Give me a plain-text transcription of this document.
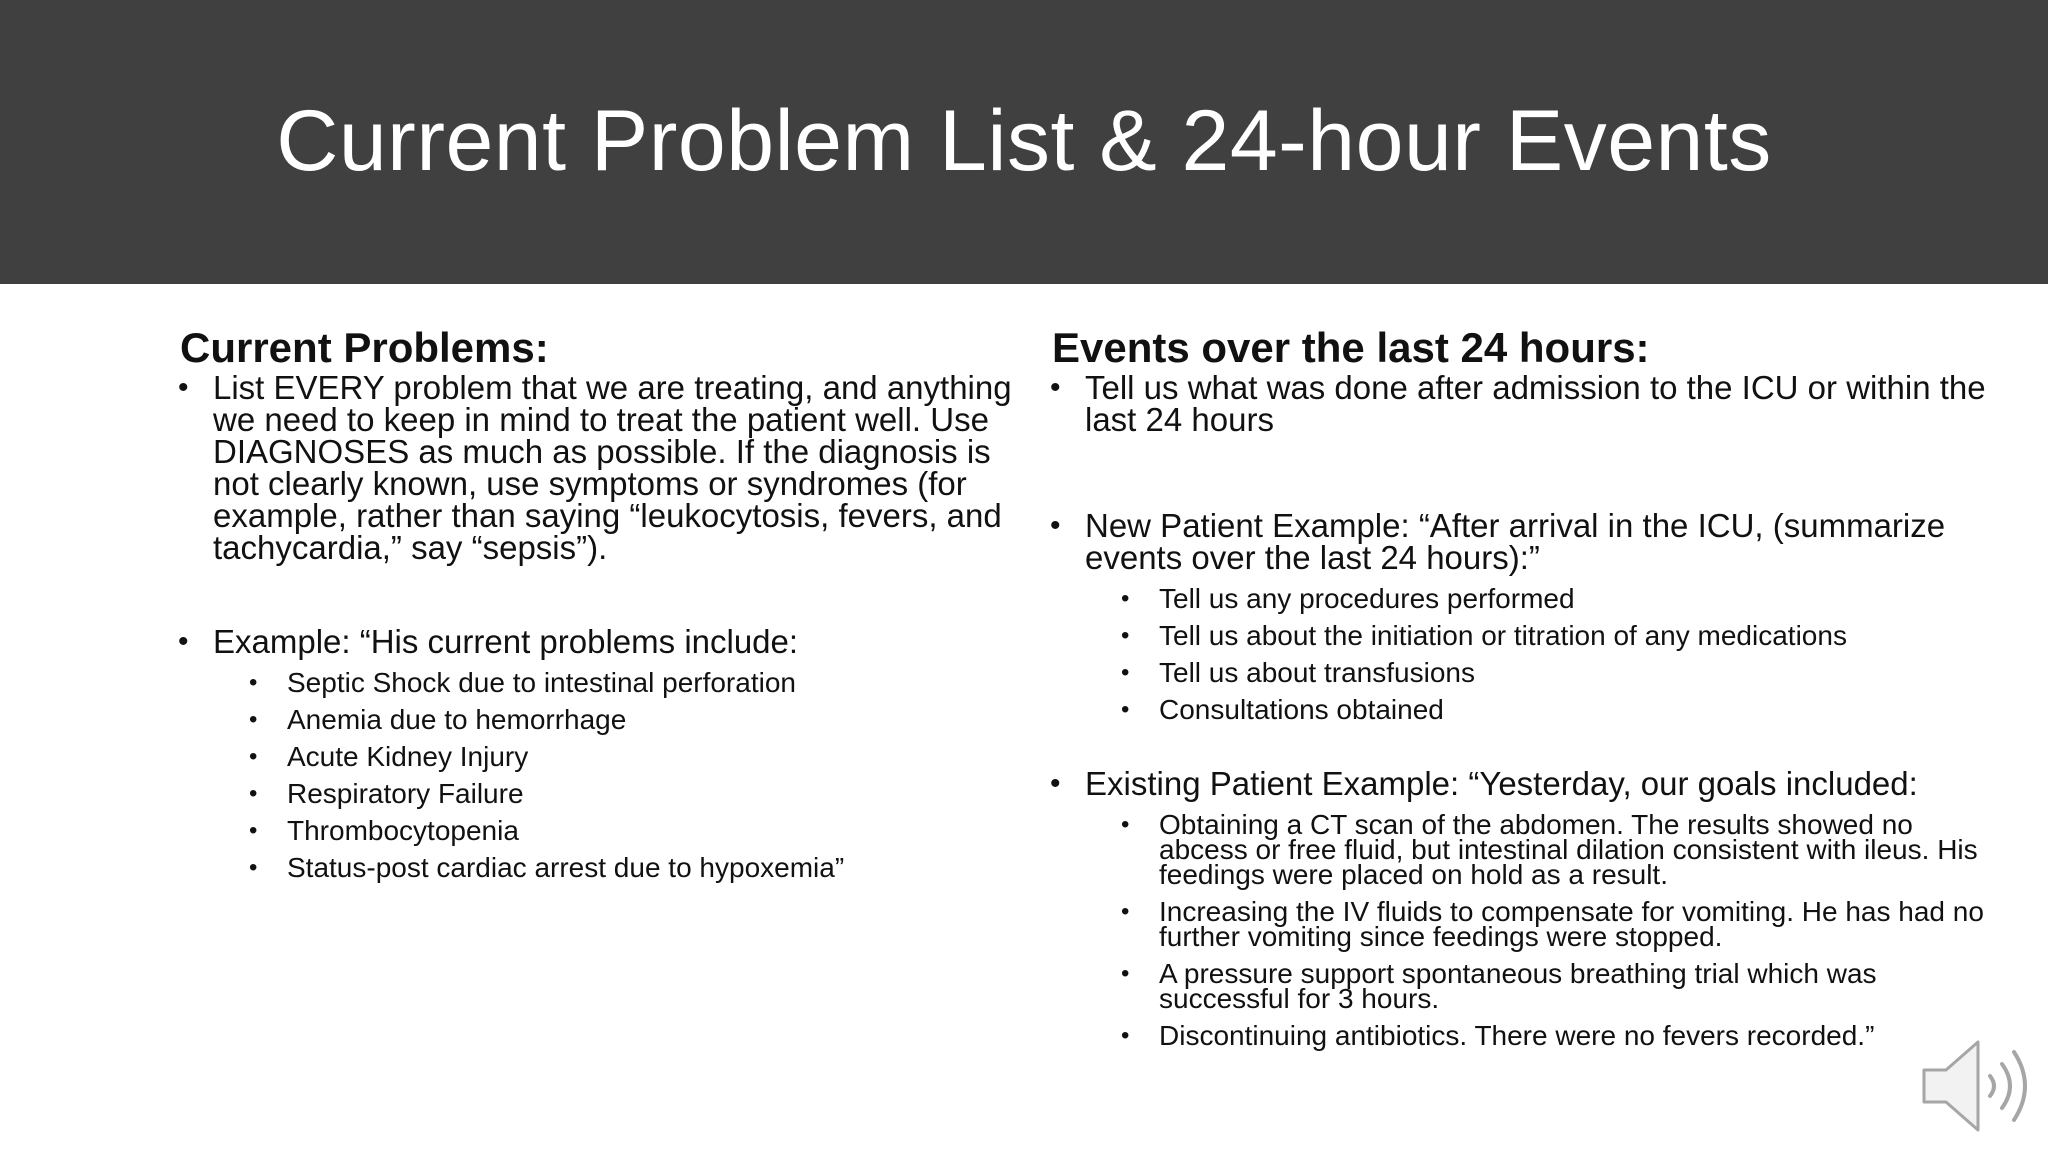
Current Problem List & 24-hour Events
Current Problems:
• List EVERY problem that we are treating, and anything we need to keep in mind to treat the patient well. Use DIAGNOSES as much as possible. If the diagnosis is not clearly known, use symptoms or syndromes (for example, rather than saying “leukocytosis, fevers, and tachycardia,” say “sepsis”).
• Example: “His current problems include:
• Septic Shock due to intestinal perforation
• Anemia due to hemorrhage
• Acute Kidney Injury
• Respiratory Failure
• Thrombocytopenia
• Status-post cardiac arrest due to hypoxemia”
Events over the last 24 hours:
• Tell us what was done after admission to the ICU or within the last 24 hours
• New Patient Example: “After arrival in the ICU, (summarize events over the last 24 hours):”
• Tell us any procedures performed
• Tell us about the initiation or titration of any medications
• Tell us about transfusions
• Consultations obtained
• Existing Patient Example: “Yesterday, our goals included:
• Obtaining a CT scan of the abdomen. The results showed no abcess or free fluid, but intestinal dilation consistent with ileus. His feedings were placed on hold as a result.
• Increasing the IV fluids to compensate for vomiting. He has had no further vomiting since feedings were stopped.
• A pressure support spontaneous breathing trial which was successful for 3 hours.
• Discontinuing antibiotics. There were no fevers recorded.”
